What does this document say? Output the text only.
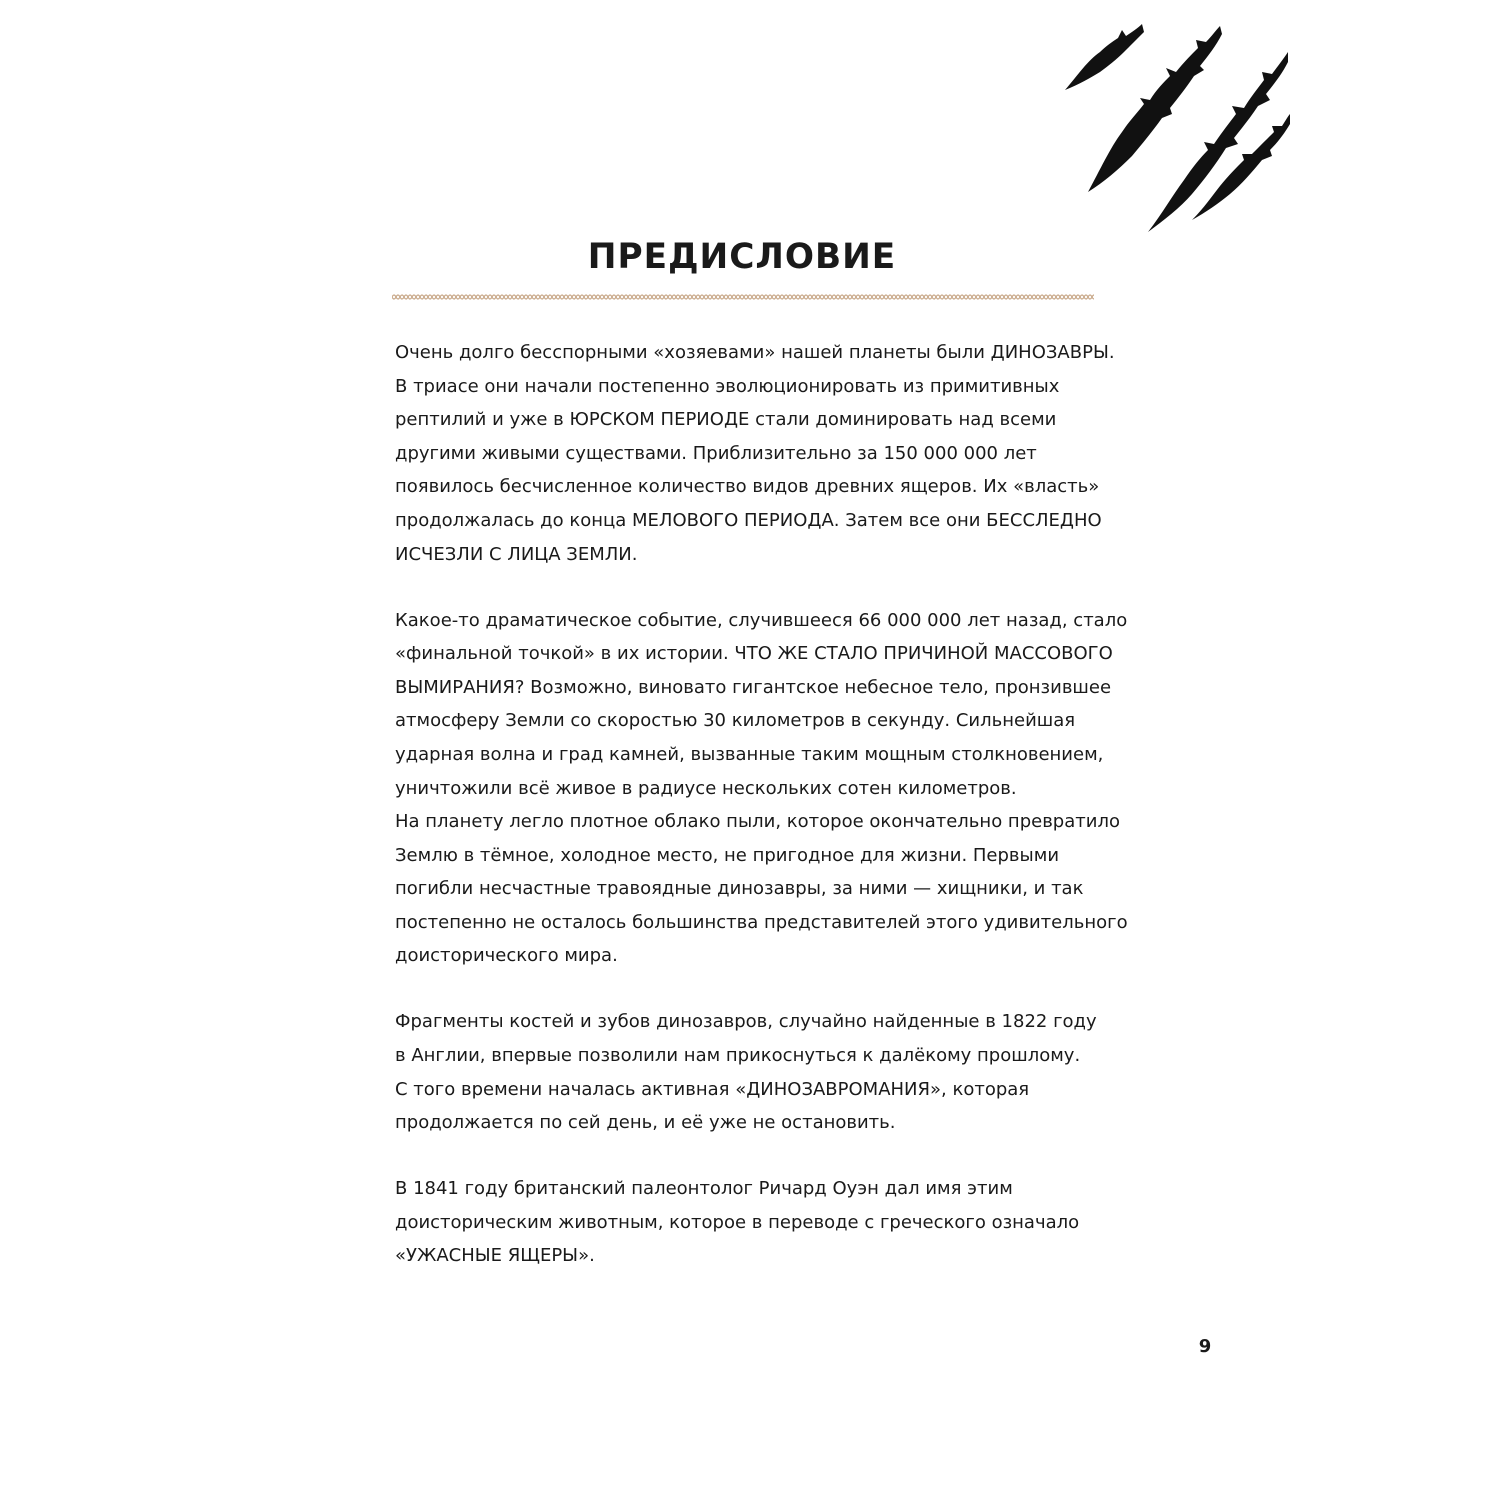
ПРЕДИСЛОВИЕ

Очень долго бесспорными «хозяевами» нашей планеты были ДИНОЗАВРЫ.
В триасе они начали постепенно эволюционировать из примитивных
рептилий и уже в ЮРСКОМ ПЕРИОДЕ стали доминировать над всеми
другими живыми существами. Приблизительно за 150 000 000 лет
появилось бесчисленное количество видов древних ящеров. Их «власть»
продолжалась до конца МЕЛОВОГО ПЕРИОДА. Затем все они БЕССЛЕДНО
ИСЧЕЗЛИ С ЛИЦА ЗЕМЛИ.

Какое-то драматическое событие, случившееся 66 000 000 лет назад, стало
«финальной точкой» в их истории. ЧТО ЖЕ СТАЛО ПРИЧИНОЙ МАССОВОГО
ВЫМИРАНИЯ? Возможно, виновато гигантское небесное тело, пронзившее
атмосферу Земли со скоростью 30 километров в секунду. Сильнейшая
ударная волна и град камней, вызванные таким мощным столкновением,
уничтожили всё живое в радиусе нескольких сотен километров.
На планету легло плотное облако пыли, которое окончательно превратило
Землю в тёмное, холодное место, не пригодное для жизни. Первыми
погибли несчастные травоядные динозавры, за ними — хищники, и так
постепенно не осталось большинства представителей этого удивительного
доисторического мира.

Фрагменты костей и зубов динозавров, случайно найденные в 1822 году
в Англии, впервые позволили нам прикоснуться к далёкому прошлому.
С того времени началась активная «ДИНОЗАВРОМАНИЯ», которая
продолжается по сей день, и её уже не остановить.

В 1841 году британский палеонтолог Ричард Оуэн дал имя этим
доисторическим животным, которое в переводе с греческого означало
«УЖАСНЫЕ ЯЩЕРЫ».

9
